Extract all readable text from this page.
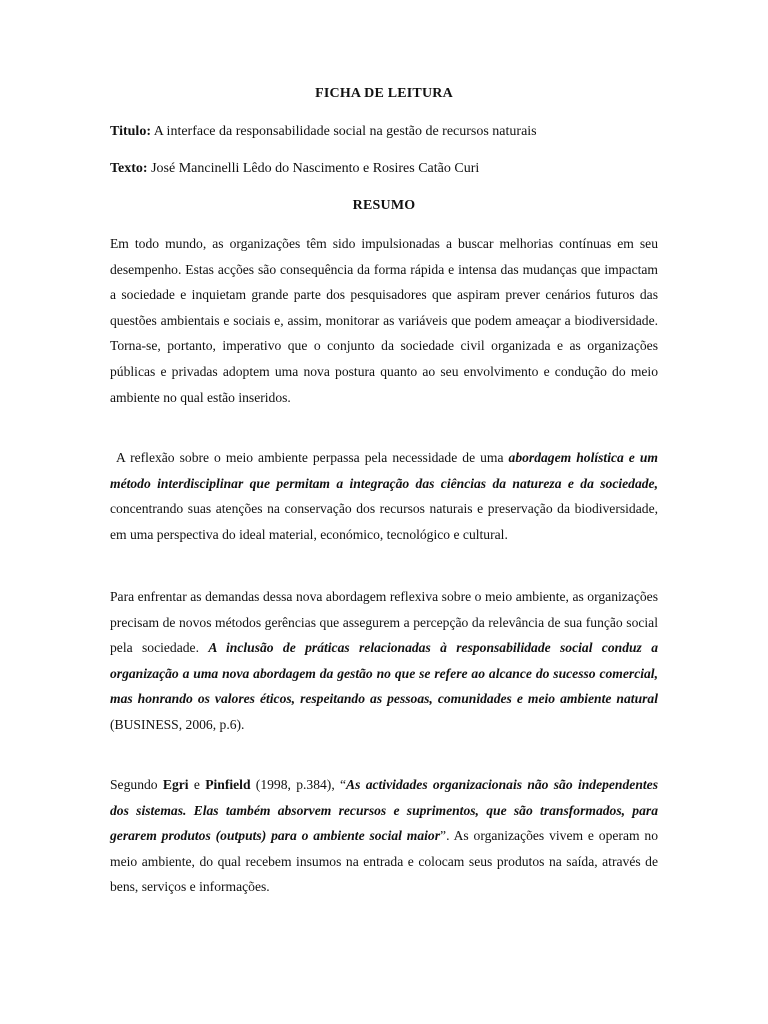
FICHA DE LEITURA
Titulo: A interface da responsabilidade social na gestão de recursos naturais
Texto: José Mancinelli Lêdo do Nascimento e Rosires Catão Curi
RESUMO

Em todo mundo, as organizações têm sido impulsionadas a buscar melhorias contínuas em seu desempenho. Estas acções são consequência da forma rápida e intensa das mudanças que impactam a sociedade e inquietam grande parte dos pesquisadores que aspiram prever cenários futuros das questões ambientais e sociais e, assim, monitorar as variáveis que podem ameaçar a biodiversidade. Torna-se, portanto, imperativo que o conjunto da sociedade civil organizada e as organizações públicas e privadas adoptem uma nova postura quanto ao seu envolvimento e condução do meio ambiente no qual estão inseridos.

A reflexão sobre o meio ambiente perpassa pela necessidade de uma abordagem holística e um método interdisciplinar que permitam a integração das ciências da natureza e da sociedade, concentrando suas atenções na conservação dos recursos naturais e preservação da biodiversidade, em uma perspectiva do ideal material, económico, tecnológico e cultural.

Para enfrentar as demandas dessa nova abordagem reflexiva sobre o meio ambiente, as organizações precisam de novos métodos gerências que assegurem a percepção da relevância de sua função social pela sociedade. A inclusão de práticas relacionadas à responsabilidade social conduz a organização a uma nova abordagem da gestão no que se refere ao alcance do sucesso comercial, mas honrando os valores éticos, respeitando as pessoas, comunidades e meio ambiente natural (BUSINESS, 2006, p.6).

Segundo Egri e Pinfield (1998, p.384), “As actividades organizacionais não são independentes dos sistemas. Elas também absorvem recursos e suprimentos, que são transformados, para gerarem produtos (outputs) para o ambiente social maior”. As organizações vivem e operam no meio ambiente, do qual recebem insumos na entrada e colocam seus produtos na saída, através de bens, serviços e informações.
